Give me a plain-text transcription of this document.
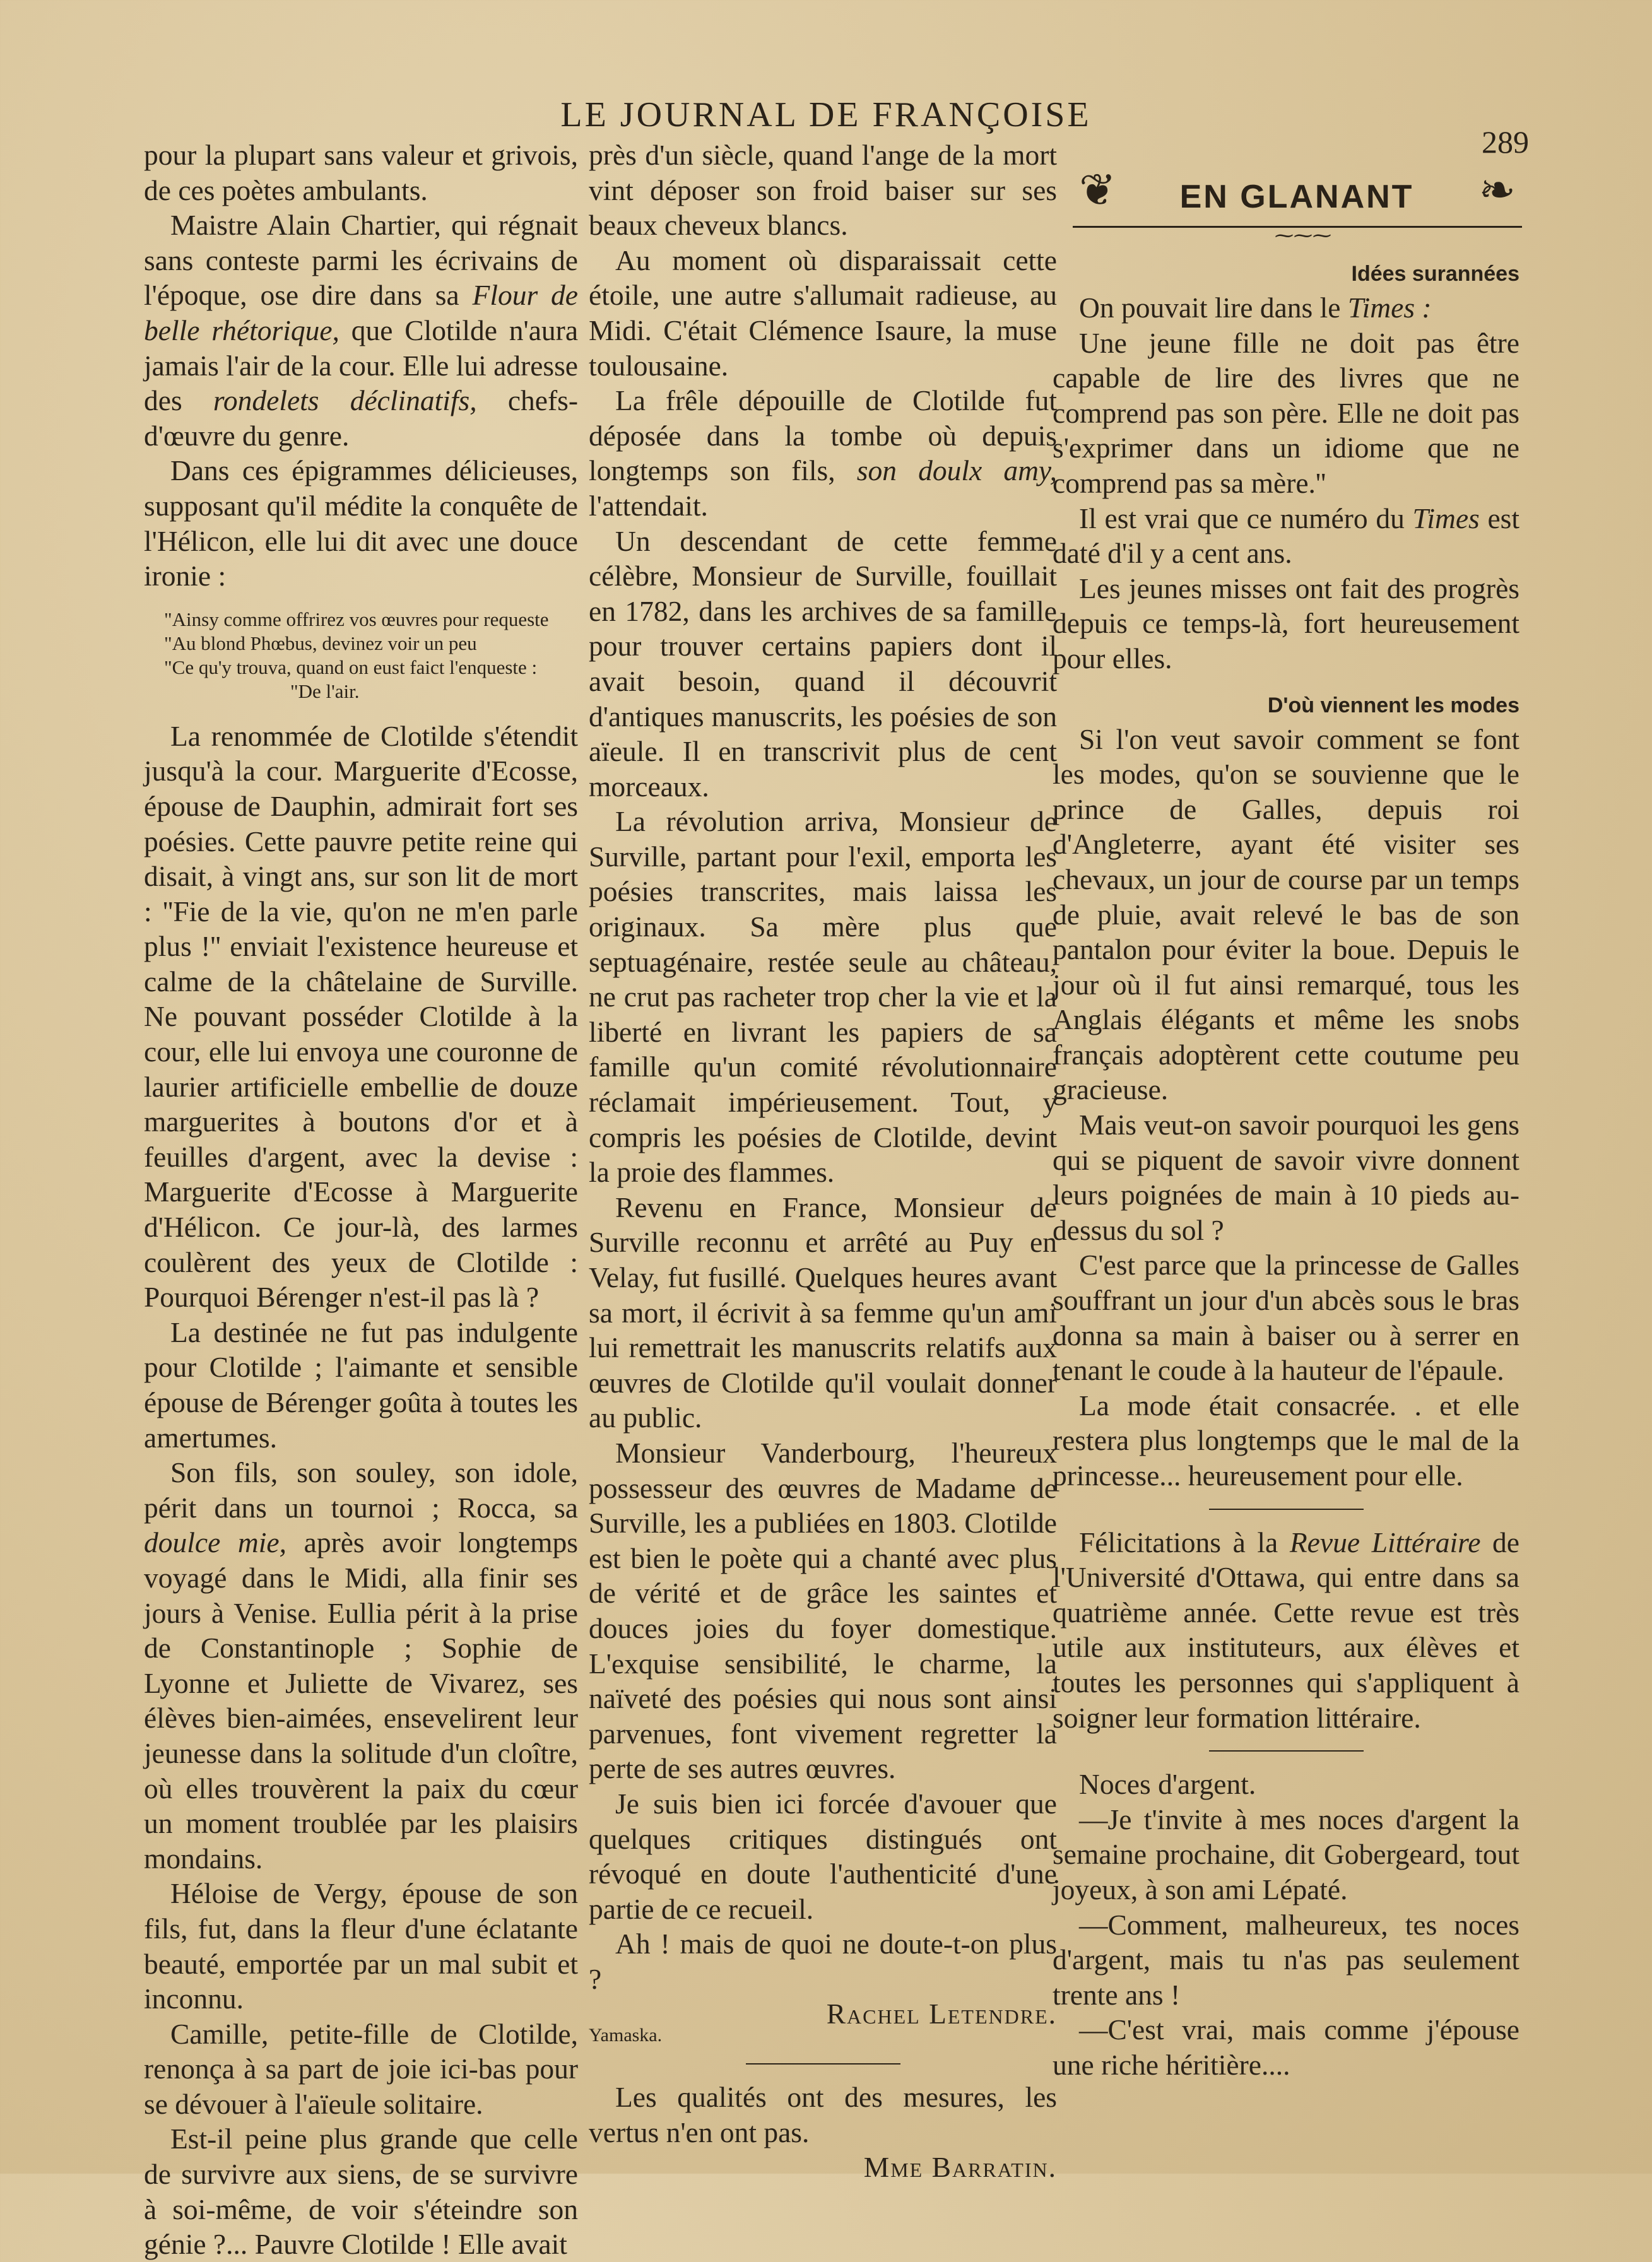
LE JOURNAL DE FRANÇOISE
289

pour la plupart sans valeur et grivois, de ces poètes ambulants.

Maistre Alain Chartier, qui régnait sans conteste parmi les écrivains de l'époque, ose dire dans sa Flour de belle rhétorique, que Clotilde n'aura jamais l'air de la cour. Elle lui adresse des rondelets déclinatifs, chefs-d'œuvre du genre.

Dans ces épigrammes délicieuses, supposant qu'il médite la conquête de l'Hélicon, elle lui dit avec une douce ironie :

"Ainsy comme offrirez vos œuvres pour requeste
"Au blond Phœbus, devinez voir un peu
"Ce qu'y trouva, quand on eust faict l'enqueste :
"De l'air.

La renommée de Clotilde s'étendit jusqu'à la cour. Marguerite d'Ecosse, épouse de Dauphin, admirait fort ses poésies. Cette pauvre petite reine qui disait, à vingt ans, sur son lit de mort : ''Fie de la vie, qu'on ne m'en parle plus !'' enviait l'existence heureuse et calme de la châtelaine de Surville. Ne pouvant posséder Clotilde à la cour, elle lui envoya une couronne de laurier artificielle embellie de douze marguerites à boutons d'or et à feuilles d'argent, avec la devise : Marguerite d'Ecosse à Marguerite d'Hélicon. Ce jour-là, des larmes coulèrent des yeux de Clotilde : Pourquoi Bérenger n'est-il pas là ?

La destinée ne fut pas indulgente pour Clotilde ; l'aimante et sensible épouse de Bérenger goûta à toutes les amertumes.

Son fils, son souley, son idole, périt dans un tournoi ; Rocca, sa doulce mie, après avoir longtemps voyagé dans le Midi, alla finir ses jours à Venise. Eullia périt à la prise de Constantinople ; Sophie de Lyonne et Juliette de Vivarez, ses élèves bien-aimées, ensevelirent leur jeunesse dans la solitude d'un cloître, où elles trouvèrent la paix du cœur un moment troublée par les plaisirs mondains.

Héloise de Vergy, épouse de son fils, fut, dans la fleur d'une éclatante beauté, emportée par un mal subit et inconnu.

Camille, petite-fille de Clotilde, renonça à sa part de joie ici-bas pour se dévouer à l'aïeule solitaire.

Est-il peine plus grande que celle de survivre aux siens, de se survivre à soi-même, de voir s'éteindre son génie ?... Pauvre Clotilde ! Elle avait

près d'un siècle, quand l'ange de la mort vint déposer son froid baiser sur ses beaux cheveux blancs.

Au moment où disparaissait cette étoile, une autre s'allumait radieuse, au Midi. C'était Clémence Isaure, la muse toulousaine.

La frêle dépouille de Clotilde fut déposée dans la tombe où depuis longtemps son fils, son doulx amy, l'attendait.

Un descendant de cette femme célèbre, Monsieur de Surville, fouillait en 1782, dans les archives de sa famille pour trouver certains papiers dont il avait besoin, quand il découvrit d'antiques manuscrits, les poésies de son aïeule. Il en transcrivit plus de cent morceaux.

La révolution arriva, Monsieur de Surville, partant pour l'exil, emporta les poésies transcrites, mais laissa les originaux. Sa mère plus que septuagénaire, restée seule au château, ne crut pas racheter trop cher la vie et la liberté en livrant les papiers de sa famille qu'un comité révolutionnaire réclamait impérieusement. Tout, y compris les poésies de Clotilde, devint la proie des flammes.

Revenu en France, Monsieur de Surville reconnu et arrêté au Puy en Velay, fut fusillé. Quelques heures avant sa mort, il écrivit à sa femme qu'un ami lui remettrait les manuscrits relatifs aux œuvres de Clotilde qu'il voulait donner au public.

Monsieur Vanderbourg, l'heureux possesseur des œuvres de Madame de Surville, les a publiées en 1803. Clotilde est bien le poète qui a chanté avec plus de vérité et de grâce les saintes et douces joies du foyer domestique. L'exquise sensibilité, le charme, la naïveté des poésies qui nous sont ainsi parvenues, font vivement regretter la perte de ses autres œuvres.

Je suis bien ici forcée d'avouer que quelques critiques distingués ont révoqué en doute l'authenticité d'une partie de ce recueil.

Ah ! mais de quoi ne doute-t-on plus ?

Rachel Letendre.

Yamaska.

Les qualités ont des mesures, les vertus n'en ont pas.

Mme Barratin.

❦	EN GLANANT	❧
⁓⁓⁓

Idées surannées

On pouvait lire dans le Times :

Une jeune fille ne doit pas être capable de lire des livres que ne comprend pas son père. Elle ne doit pas s'exprimer dans un idiome que ne comprend pas sa mère.''

Il est vrai que ce numéro du Times est daté d'il y a cent ans.

Les jeunes misses ont fait des progrès depuis ce temps-là, fort heureusement pour elles.

D'où viennent les modes

Si l'on veut savoir comment se font les modes, qu'on se souvienne que le prince de Galles, depuis roi d'Angleterre, ayant été visiter ses chevaux, un jour de course par un temps de pluie, avait relevé le bas de son pantalon pour éviter la boue. Depuis le jour où il fut ainsi remarqué, tous les Anglais élégants et même les snobs français adoptèrent cette coutume peu gracieuse.

Mais veut-on savoir pourquoi les gens qui se piquent de savoir vivre donnent leurs poignées de main à 10 pieds au-dessus du sol ?

C'est parce que la princesse de Galles souffrant un jour d'un abcès sous le bras donna sa main à baiser ou à serrer en tenant le coude à la hauteur de l'épaule.

La mode était consacrée. . et elle restera plus longtemps que le mal de la princesse... heureusement pour elle.

Félicitations à la Revue Littéraire de l'Université d'Ottawa, qui entre dans sa quatrième année. Cette revue est très utile aux instituteurs, aux élèves et toutes les personnes qui s'appliquent à soigner leur formation littéraire.

Noces d'argent.

—Je t'invite à mes noces d'argent la semaine prochaine, dit Gobergeard, tout joyeux, à son ami Lépaté.

—Comment, malheureux, tes noces d'argent, mais tu n'as pas seulement trente ans !

—C'est vrai, mais comme j'épouse une riche héritière....
